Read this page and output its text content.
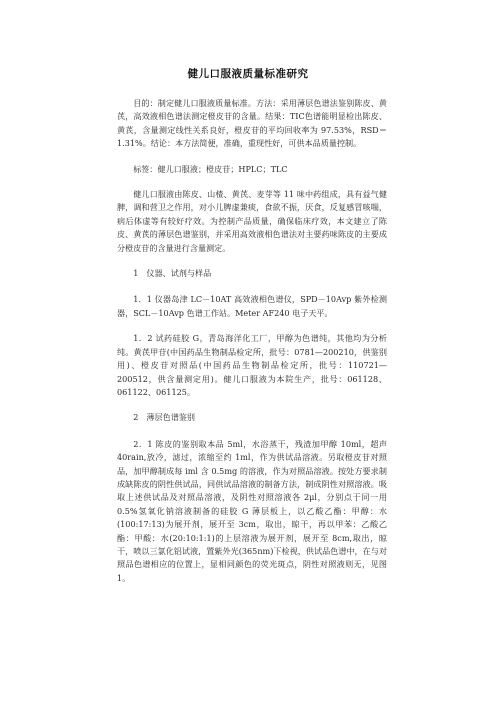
健儿口服液质量标准研究

目的：制定健儿口服液质量标准。方法：采用薄层色谱法鉴别陈皮、黄芪，高效液相色谱法测定橙皮苷的含量。结果：TIC色谱能明显检出陈皮、黄芪，含量测定线性关系良好，橙皮苷的平均回收率为 97.53%，RSD＝1.31%。结论：本方法简便，准确，重现性好，可供本品质量控制。

标签：健儿口服液；橙皮苷；HPLC；TLC

健儿口服液由陈皮、山楂、黄芪、麦芽等 11 味中药组成，具有益气健脾，调和营卫之作用，对小儿脾虚兼痰，食欲不振，厌食，反复感冒咳喘，病后体虚等有较好疗效。为控制产品质量，确保临床疗效，本文建立了陈皮、黄芪的薄层色谱鉴别，并采用高效液相色谱法对主要药味陈皮的主要成分橙皮苷的含量进行含量测定。

1　仪器、试剂与样品

1．1 仪器岛津 LC－10AT 高效液相色谱仪，SPD－10Avp 紫外检测器，SCL－10Avp 色谱工作站。Meter AF240 电子天平。

1．2 试药硅胶 G，青岛海洋化工厂，甲醇为色谱纯，其他均为分析纯。黄芪甲苷(中国药品生物制品检定所，批号：0781—200210，供鉴别用)、橙皮苷对照品(中国药品生物制品检定所，批号：110721—200512，供含量测定用)。健儿口服液为本院生产，批号：061128、061122、061125。

2　薄层色谱鉴别

2．1 陈皮的鉴别取本品 5ml，水浴蒸干，残渣加甲醇 10ml，超声 40rain,放冷，滤过，浓缩至约 1ml，作为供试品溶液。另取橙皮苷对照品，加甲醇制成每 iml 含 0.5mg 的溶液，作为对照品溶液。按处方要求制成缺陈皮的阴性供试品，同供试品溶液的制备方法，制成阴性对照溶液。吸取上述供试品及对照品溶液，及阴性对照溶液各 2μl，分别点于同一用 0.5%氢氧化钠溶液制备的硅胶 G 薄层板上，以乙酸乙酯：甲醇：水(100:17:13)为展开剂，展开至 3cm，取出，晾干，再以甲苯：乙酸乙酯：甲酸：水(20:10:1:1)的上层溶液为展开剂，展开至 8cm,取出，晾干，喷以三氯化铝试液，置紫外光(365nm)下检视，供试品色谱中，在与对照品色谱相应的位置上，显相同颜色的荧光斑点，阴性对照液则无，见图1。
